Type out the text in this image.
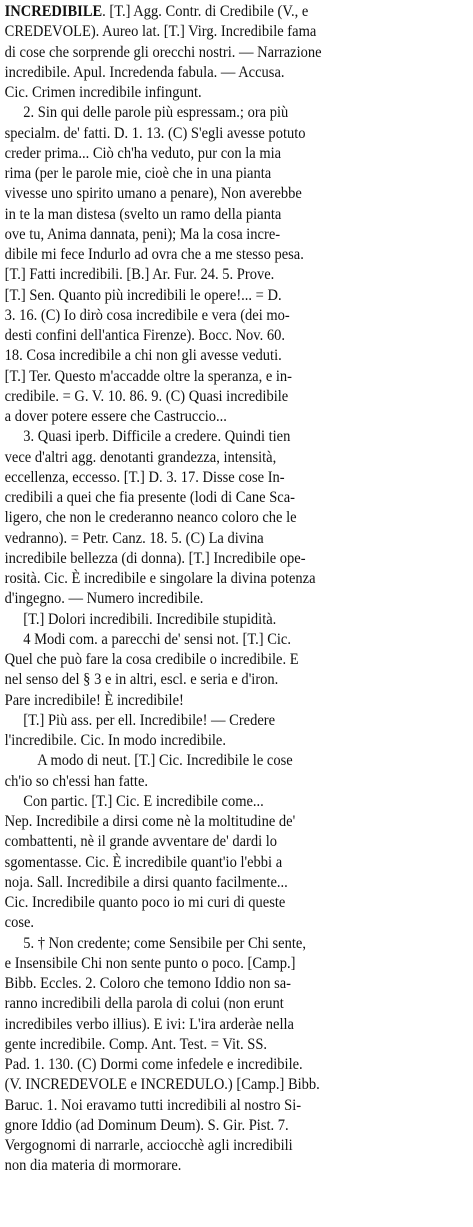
INCREDIBILE. [T.] Agg. Contr. di Credibile (V., e

CREDEVOLE). Aureo lat. [T.] Virg. Incredibile fama

di cose che sorprende gli orecchi nostri. — Narrazione

incredibile. Apul. Incredenda fabula. — Accusa.

Cic. Crimen incredibile infingunt.

2. Sin qui delle parole più espressam.; ora più

specialm. de' fatti. D. 1. 13. (C) S'egli avesse potuto

creder prima... Ciò ch'ha veduto, pur con la mia

rima (per le parole mie, cioè che in una pianta

vivesse uno spirito umano a penare), Non averebbe

in te la man distesa (svelto un ramo della pianta

ove tu, Anima dannata, peni); Ma la cosa incre-

dibile mi fece Indurlo ad ovra che a me stesso pesa.

[T.] Fatti incredibili. [B.] Ar. Fur. 24. 5. Prove.

[T.] Sen. Quanto più incredibili le opere!... = D.

3. 16. (C) Io dirò cosa incredibile e vera (dei mo-

desti confini dell'antica Firenze). Bocc. Nov. 60.

18. Cosa incredibile a chi non gli avesse veduti.

[T.] Ter. Questo m'accadde oltre la speranza, e in-

credibile. = G. V. 10. 86. 9. (C) Quasi incredibile

a dover potere essere che Castruccio...

3. Quasi iperb. Difficile a credere. Quindi tien

vece d'altri agg. denotanti grandezza, intensità,

eccellenza, eccesso. [T.] D. 3. 17. Disse cose In-

credibili a quei che fia presente (lodi di Cane Sca-

ligero, che non le crederanno neanco coloro che le

vedranno). = Petr. Canz. 18. 5. (C) La divina

incredibile bellezza (di donna). [T.] Incredibile ope-

rosità. Cic. È incredibile e singolare la divina potenza

d'ingegno. — Numero incredibile.

[T.] Dolori incredibili. Incredibile stupidità.

4 Modi com. a parecchi de' sensi not. [T.] Cic.

Quel che può fare la cosa credibile o incredibile. E

nel senso del § 3 e in altri, escl. e seria e d'iron.

Pare incredibile! È incredibile!

[T.] Più ass. per ell. Incredibile! — Credere

l'incredibile. Cic. In modo incredibile.

A modo di neut. [T.] Cic. Incredibile le cose

ch'io so ch'essi han fatte.

Con partic. [T.] Cic. E incredibile come...

Nep. Incredibile a dirsi come nè la moltitudine de'

combattenti, nè il grande avventare de' dardi lo

sgomentasse. Cic. È incredibile quant'io l'ebbi a

noja. Sall. Incredibile a dirsi quanto facilmente...

Cic. Incredibile quanto poco io mi curi di queste

cose.

5. † Non credente; come Sensibile per Chi sente,

e Insensibile Chi non sente punto o poco. [Camp.]

Bibb. Eccles. 2. Coloro che temono Iddio non sa-

ranno incredibili della parola di colui (non erunt

incredibiles verbo illius). E ivi: L'ira arderàe nella

gente incredibile. Comp. Ant. Test. = Vit. SS.

Pad. 1. 130. (C) Dormi come infedele e incredibile.

(V. INCREDEVOLE e INCREDULO.) [Camp.] Bibb.

Baruc. 1. Noi eravamo tutti incredibili al nostro Si-

gnore Iddio (ad Dominum Deum). S. Gir. Pist. 7.

Vergognomi di narrarle, acciocchè agli incredibili

non dia materia di mormorare.
